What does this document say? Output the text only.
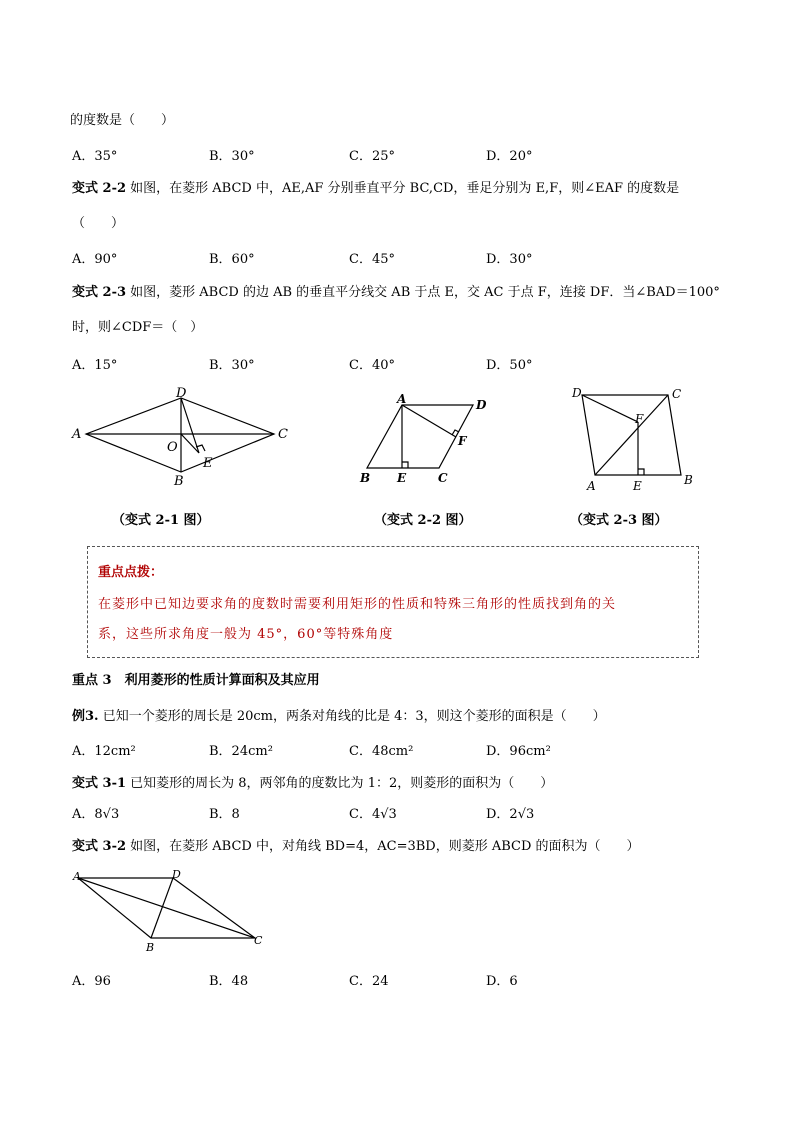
的度数是（　　）
A．35°	B．30°	C．25°	D．20°
变式 2-2 如图，在菱形 ABCD 中，AE,AF 分别垂直平分 BC,CD，垂足分别为 E,F，则∠EAF 的度数是
（　　）
A．90°	B．60°	C．45°	D．30°
变式 2-3 如图，菱形 ABCD 的边 AB 的垂直平分线交 AB 于点 E，交 AC 于点 F，连接 DF．当∠BAD＝100°
时，则∠CDF＝（　）
A．15°	B．30°	C．40°	D．50°
A
B
C
D
O
E
（变式 2-1 图）
A
B	C
D
E
F
（变式 2-2 图）
A	B
C
D
E
F
（变式 2-3 图）
重点点拨：
在菱形中已知边要求角的度数时需要利用矩形的性质和特殊三角形的性质找到角的关
系，这些所求角度一般为 45°，60°等特殊角度
重点 3　利用菱形的性质计算面积及其应用
例3. 已知一个菱形的周长是 20cm，两条对角线的比是 4：3，则这个菱形的面积是（　　）
A．12cm²	B．24cm²	C．48cm²	D．96cm²
变式 3-1 已知菱形的周长为 8，两邻角的度数比为 1：2，则菱形的面积为（　　）
A．8√3	B．8	C．4√3	D．2√3
变式 3-2 如图，在菱形 ABCD 中，对角线 BD=4，AC=3BD，则菱形 ABCD 的面积为（　　）
A
B
C
D
A．96	B．48	C．24	D．6
